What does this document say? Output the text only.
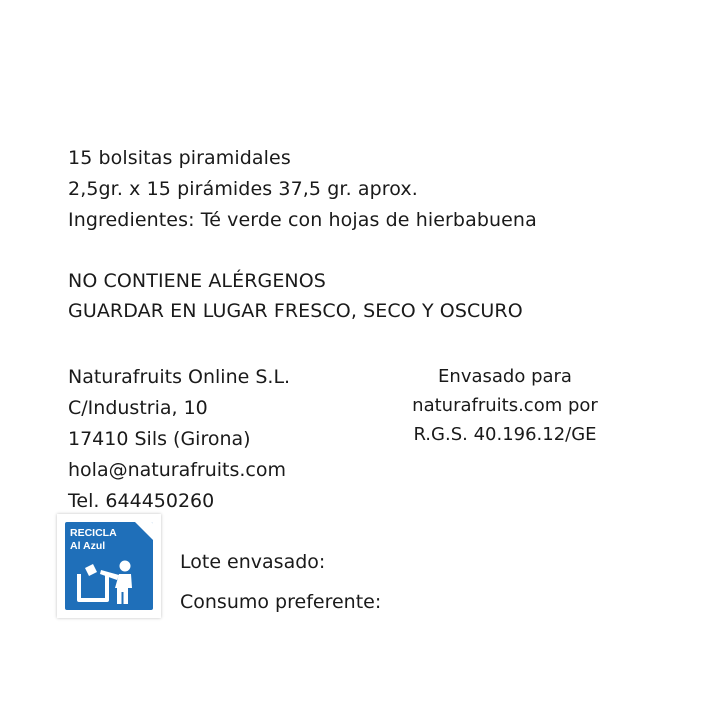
15 bolsitas piramidales
2,5gr. x 15 pirámides 37,5 gr. aprox.
Ingredientes: Té verde con hojas de hierbabuena
NO CONTIENE ALÉRGENOS
GUARDAR EN LUGAR FRESCO, SECO Y OSCURO
Naturafruits Online S.L.
C/Industria, 10
17410 Sils (Girona)
hola@naturafruits.com
Tel. 644450260
Envasado para
naturafruits.com por
R.G.S. 40.196.12/GE
RECICLA
Al Azul
Lote envasado:
Consumo preferente:
